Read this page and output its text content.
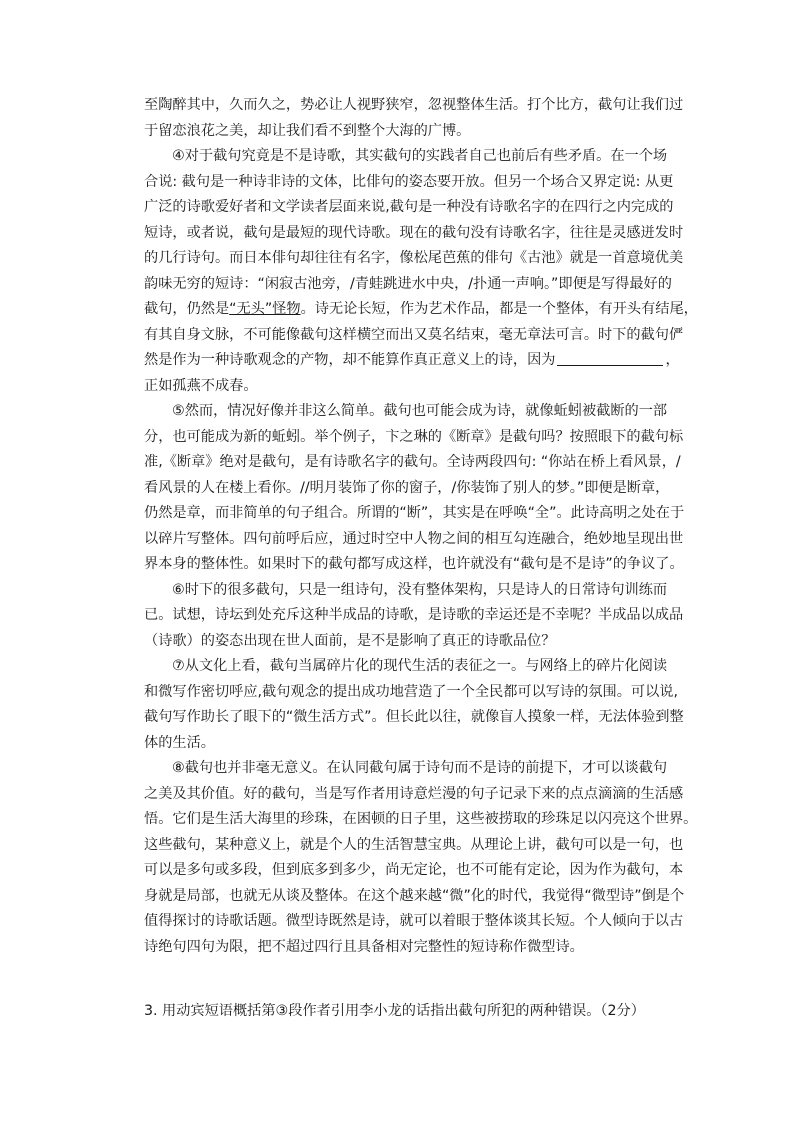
至陶醉其中，久而久之，势必让人视野狭窄，忽视整体生活。打个比方，截句让我们过
于留恋浪花之美，却让我们看不到整个大海的广博。
④对于截句究竟是不是诗歌，其实截句的实践者自己也前后有些矛盾。在一个场
合说: 截句是一种诗非诗的文体，比俳句的姿态要开放。但另一个场合又界定说: 从更
广泛的诗歌爱好者和文学读者层面来说,截句是一种没有诗歌名字的在四行之内完成的
短诗，或者说，截句是最短的现代诗歌。现在的截句没有诗歌名字，往往是灵感迸发时
的几行诗句。而日本俳句却往往有名字，像松尾芭蕉的俳句《古池》就是一首意境优美
韵味无穷的短诗：“闲寂古池旁，/青蛙跳进水中央，/扑通一声响。”即便是写得最好的
截句，仍然是“无头”怪物。诗无论长短，作为艺术作品，都是一个整体，有开头有结尾，
有其自身文脉，不可能像截句这样横空而出又莫名结束，毫无章法可言。时下的截句俨
然是作为一种诗歌观念的产物，却不能算作真正意义上的诗，因为	，
正如孤燕不成春。
⑤然而，情况好像并非这么简单。截句也可能会成为诗，就像蚯蚓被截断的一部
分，也可能成为新的蚯蚓。举个例子，卞之琳的《断章》是截句吗？按照眼下的截句标
准,《断章》绝对是截句，是有诗歌名字的截句。全诗两段四句: “你站在桥上看风景，/
看风景的人在楼上看你。//明月装饰了你的窗子，/你装饰了别人的梦。”即便是断章，
仍然是章，而非简单的句子组合。所谓的“断”，其实是在呼唤“全”。此诗高明之处在于
以碎片写整体。四句前呼后应，通过时空中人物之间的相互勾连融合，绝妙地呈现出世
界本身的整体性。如果时下的截句都写成这样，也许就没有“截句是不是诗”的争议了。
⑥时下的很多截句，只是一组诗句，没有整体架构，只是诗人的日常诗句训练而
已。试想，诗坛到处充斥这种半成品的诗歌，是诗歌的幸运还是不幸呢？半成品以成品
（诗歌）的姿态出现在世人面前，是不是影响了真正的诗歌品位？
⑦从文化上看，截句当属碎片化的现代生活的表征之一。与网络上的碎片化阅读
和微写作密切呼应,截句观念的提出成功地营造了一个全民都可以写诗的氛围。可以说,
截句写作助长了眼下的“微生活方式”。但长此以往，就像盲人摸象一样，无法体验到整
体的生活。
⑧截句也并非毫无意义。在认同截句属于诗句而不是诗的前提下，才可以谈截句
之美及其价值。好的截句，当是写作者用诗意烂漫的句子记录下来的点点滴滴的生活感
悟。它们是生活大海里的珍珠，在困顿的日子里，这些被捞取的珍珠足以闪亮这个世界。
这些截句，某种意义上，就是个人的生活智慧宝典。从理论上讲，截句可以是一句，也
可以是多句或多段，但到底多到多少，尚无定论，也不可能有定论，因为作为截句，本
身就是局部，也就无从谈及整体。在这个越来越“微”化的时代，我觉得“微型诗”倒是个
值得探讨的诗歌话题。微型诗既然是诗，就可以着眼于整体谈其长短。个人倾向于以古
诗绝句四句为限，把不超过四行且具备相对完整性的短诗称作微型诗。
3. 用动宾短语概括第③段作者引用李小龙的话指出截句所犯的两种错误。（2分）
